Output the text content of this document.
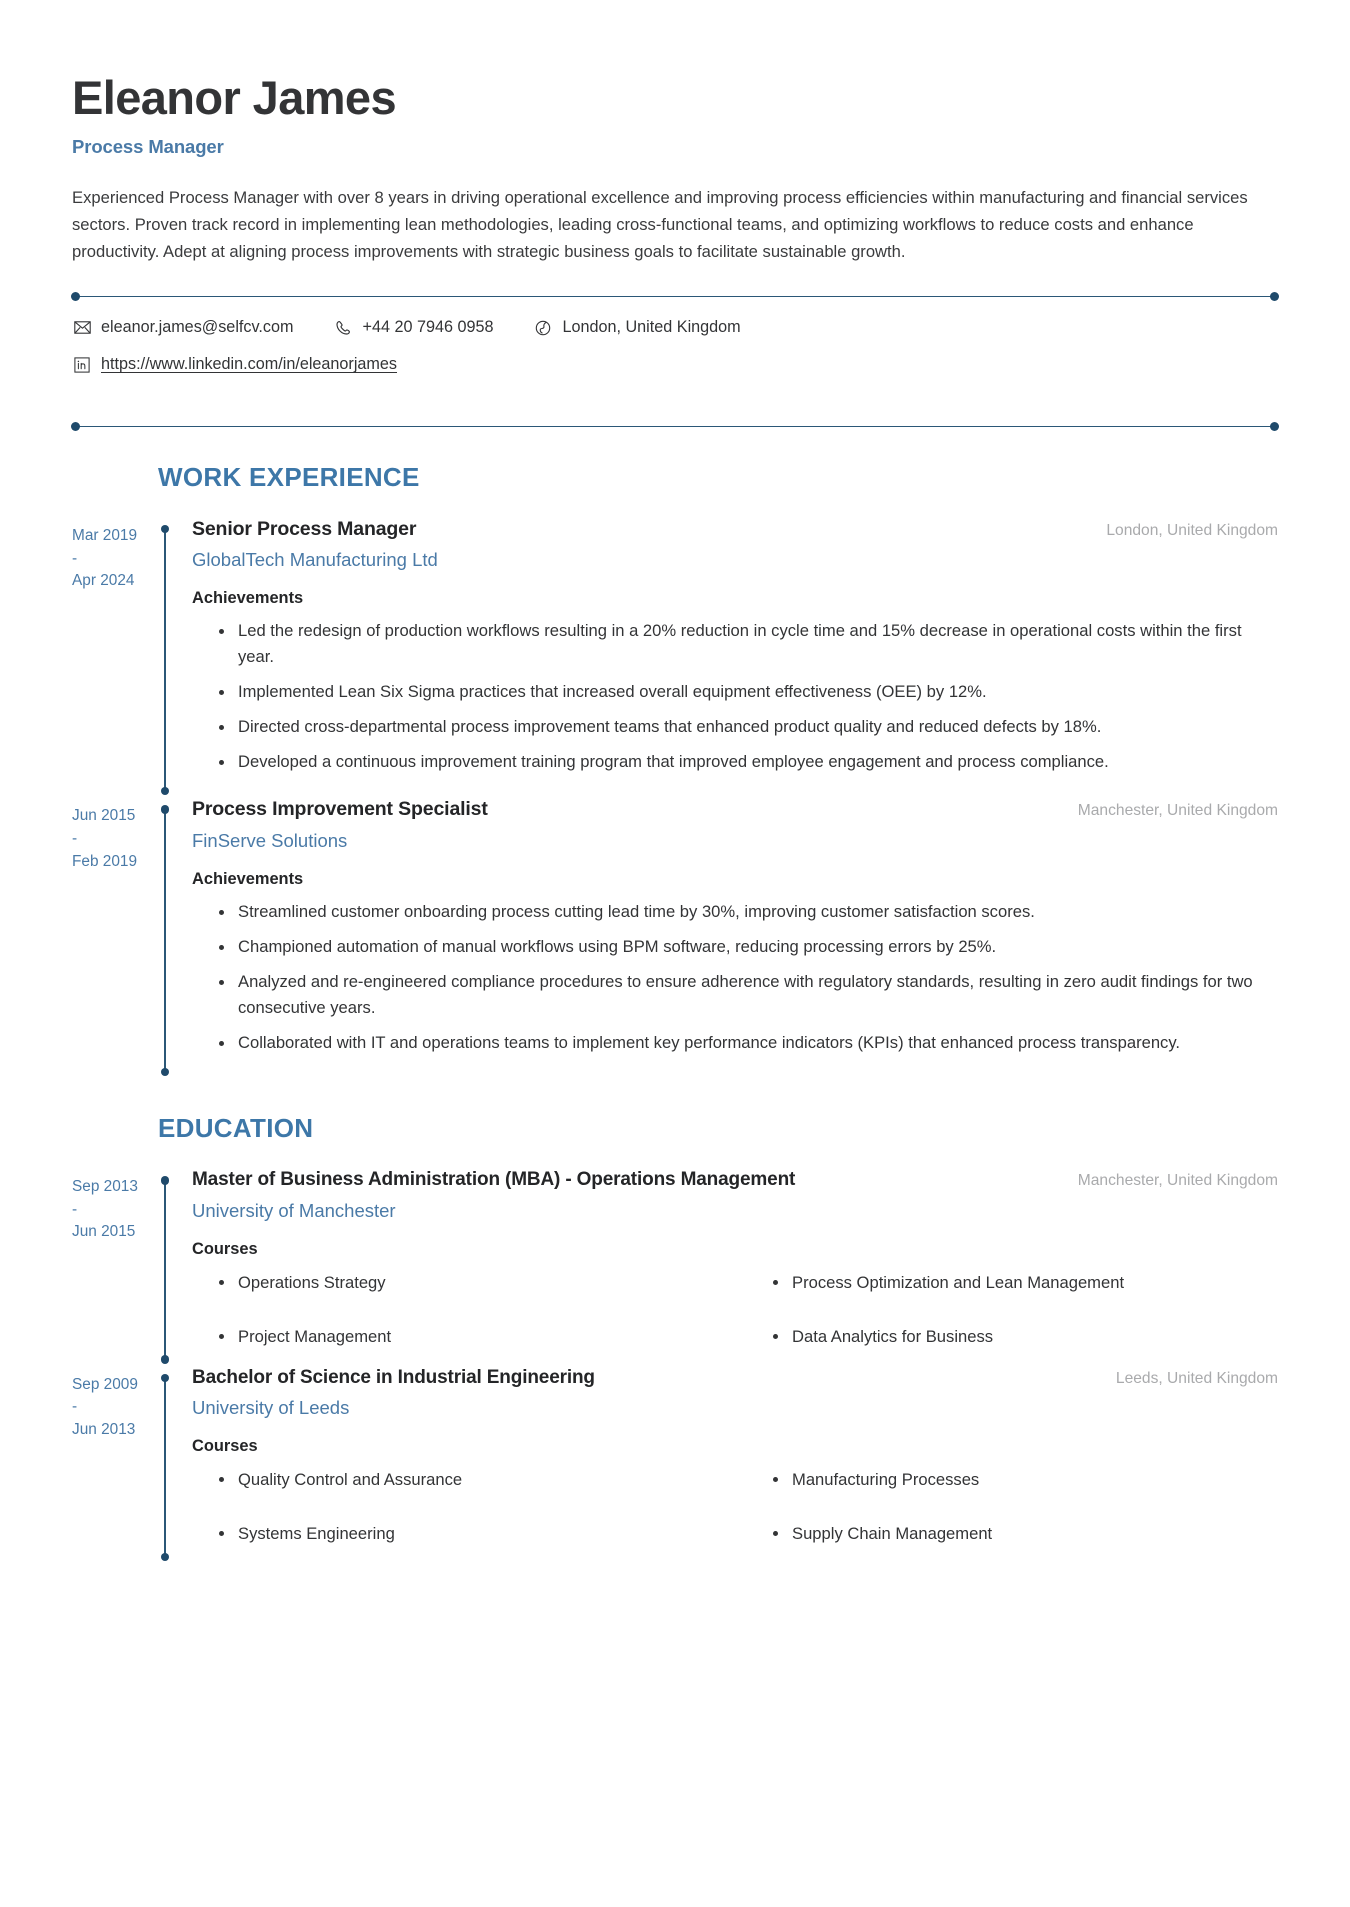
Eleanor James
Process Manager

Experienced Process Manager with over 8 years in driving operational excellence and improving process efficiencies within manufacturing and financial services sectors. Proven track record in implementing lean methodologies, leading cross-functional teams, and optimizing workflows to reduce costs and enhance productivity. Adept at aligning process improvements with strategic business goals to facilitate sustainable growth.

eleanor.james@selfcv.com	+44 20 7946 0958	London, United Kingdom
https://www.linkedin.com/in/eleanorjames
WORK EXPERIENCE
Mar 2019
-
Apr 2024
Senior Process Manager	London, United Kingdom
GlobalTech Manufacturing Ltd
Achievements
Led the redesign of production workflows resulting in a 20% reduction in cycle time and 15% decrease in operational costs within the first year.
Implemented Lean Six Sigma practices that increased overall equipment effectiveness (OEE) by 12%.
Directed cross-departmental process improvement teams that enhanced product quality and reduced defects by 18%.
Developed a continuous improvement training program that improved employee engagement and process compliance.
Jun 2015
-
Feb 2019
Process Improvement Specialist	Manchester, United Kingdom
FinServe Solutions
Achievements
Streamlined customer onboarding process cutting lead time by 30%, improving customer satisfaction scores.
Championed automation of manual workflows using BPM software, reducing processing errors by 25%.
Analyzed and re-engineered compliance procedures to ensure adherence with regulatory standards, resulting in zero audit findings for two consecutive years.
Collaborated with IT and operations teams to implement key performance indicators (KPIs) that enhanced process transparency.
EDUCATION
Sep 2013
-
Jun 2015
Master of Business Administration (MBA) - Operations Management	Manchester, United Kingdom
University of Manchester
Courses
Operations Strategy	Process Optimization and Lean Management
Project Management	Data Analytics for Business
Sep 2009
-
Jun 2013
Bachelor of Science in Industrial Engineering	Leeds, United Kingdom
University of Leeds
Courses
Quality Control and Assurance	Manufacturing Processes
Systems Engineering	Supply Chain Management
